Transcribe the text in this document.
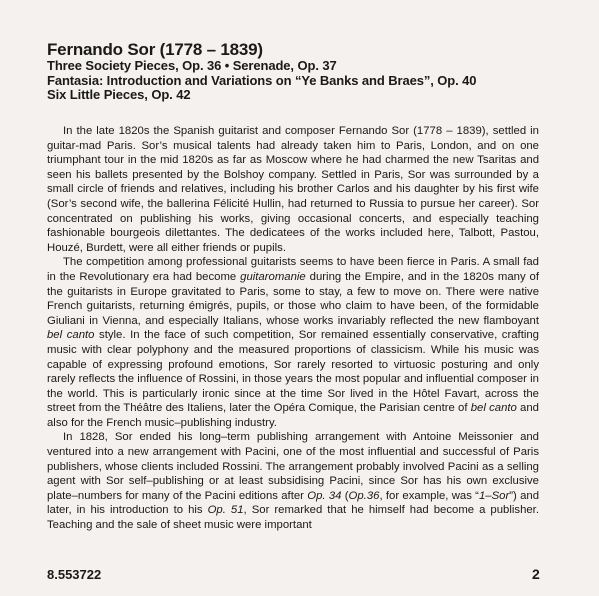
Fernando Sor (1778 – 1839)
Three Society Pieces, Op. 36 • Serenade, Op. 37
Fantasia: Introduction and Variations on “Ye Banks and Braes”, Op. 40
Six Little Pieces, Op. 42

In the late 1820s the Spanish guitarist and composer Fernando Sor (1778 – 1839), settled in guitar-mad Paris. Sor’s musical talents had already taken him to Paris, London, and on one triumphant tour in the mid 1820s as far as Moscow where he had charmed the new Tsaritas and seen his ballets presented by the Bolshoy company. Settled in Paris, Sor was surrounded by a small circle of friends and relatives, including his brother Carlos and his daughter by his first wife (Sor’s second wife, the ballerina Félicité Hullin, had returned to Russia to pursue her career). Sor concentrated on publishing his works, giving occasional concerts, and especially teaching fashionable bourgeois dilettantes. The dedicatees of the works included here, Talbott, Pastou, Houzé, Burdett, were all either friends or pupils.

The competition among professional guitarists seems to have been fierce in Paris. A small fad in the Revolutionary era had become guitaromanie during the Empire, and in the 1820s many of the guitarists in Europe gravitated to Paris, some to stay, a few to move on. There were native French guitarists, returning émigrés, pupils, or those who claim to have been, of the formidable Giuliani in Vienna, and especially Italians, whose works invariably reflected the new flamboyant bel canto style. In the face of such competition, Sor remained essentially conservative, crafting music with clear polyphony and the measured proportions of classicism. While his music was capable of expressing profound emotions, Sor rarely resorted to virtuosic posturing and only rarely reflects the influence of Rossini, in those years the most popular and influential composer in the world. This is particularly ironic since at the time Sor lived in the Hôtel Favart, across the street from the Théâtre des Italiens, later the Opéra Comique, the Parisian centre of bel canto and also for the French music–publishing industry.

In 1828, Sor ended his long–term publishing arrangement with Antoine Meissonier and ventured into a new arrangement with Pacini, one of the most influential and successful of Paris publishers, whose clients included Rossini. The arrangement probably involved Pacini as a selling agent with Sor self–publishing or at least subsidising Pacini, since Sor has his own exclusive plate–numbers for many of the Pacini editions after Op. 34 (Op.36, for example, was “1–Sor”) and later, in his introduction to his Op. 51, Sor remarked that he himself had become a publisher. Teaching and the sale of sheet music were important

8.553722	2
